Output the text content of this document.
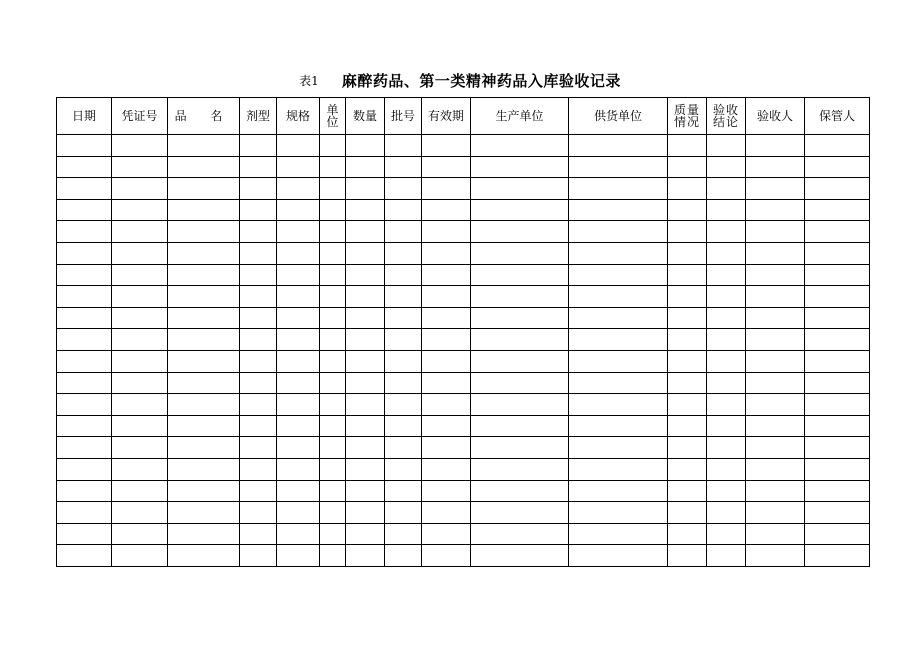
表1 麻醉药品、第一类精神药品入库验收记录
日期	凭证号	品 名	剂型	规格	单位	数量	批号	有效期	生产单位	供货单位	质量情况	验收结论	验收人	保管人
